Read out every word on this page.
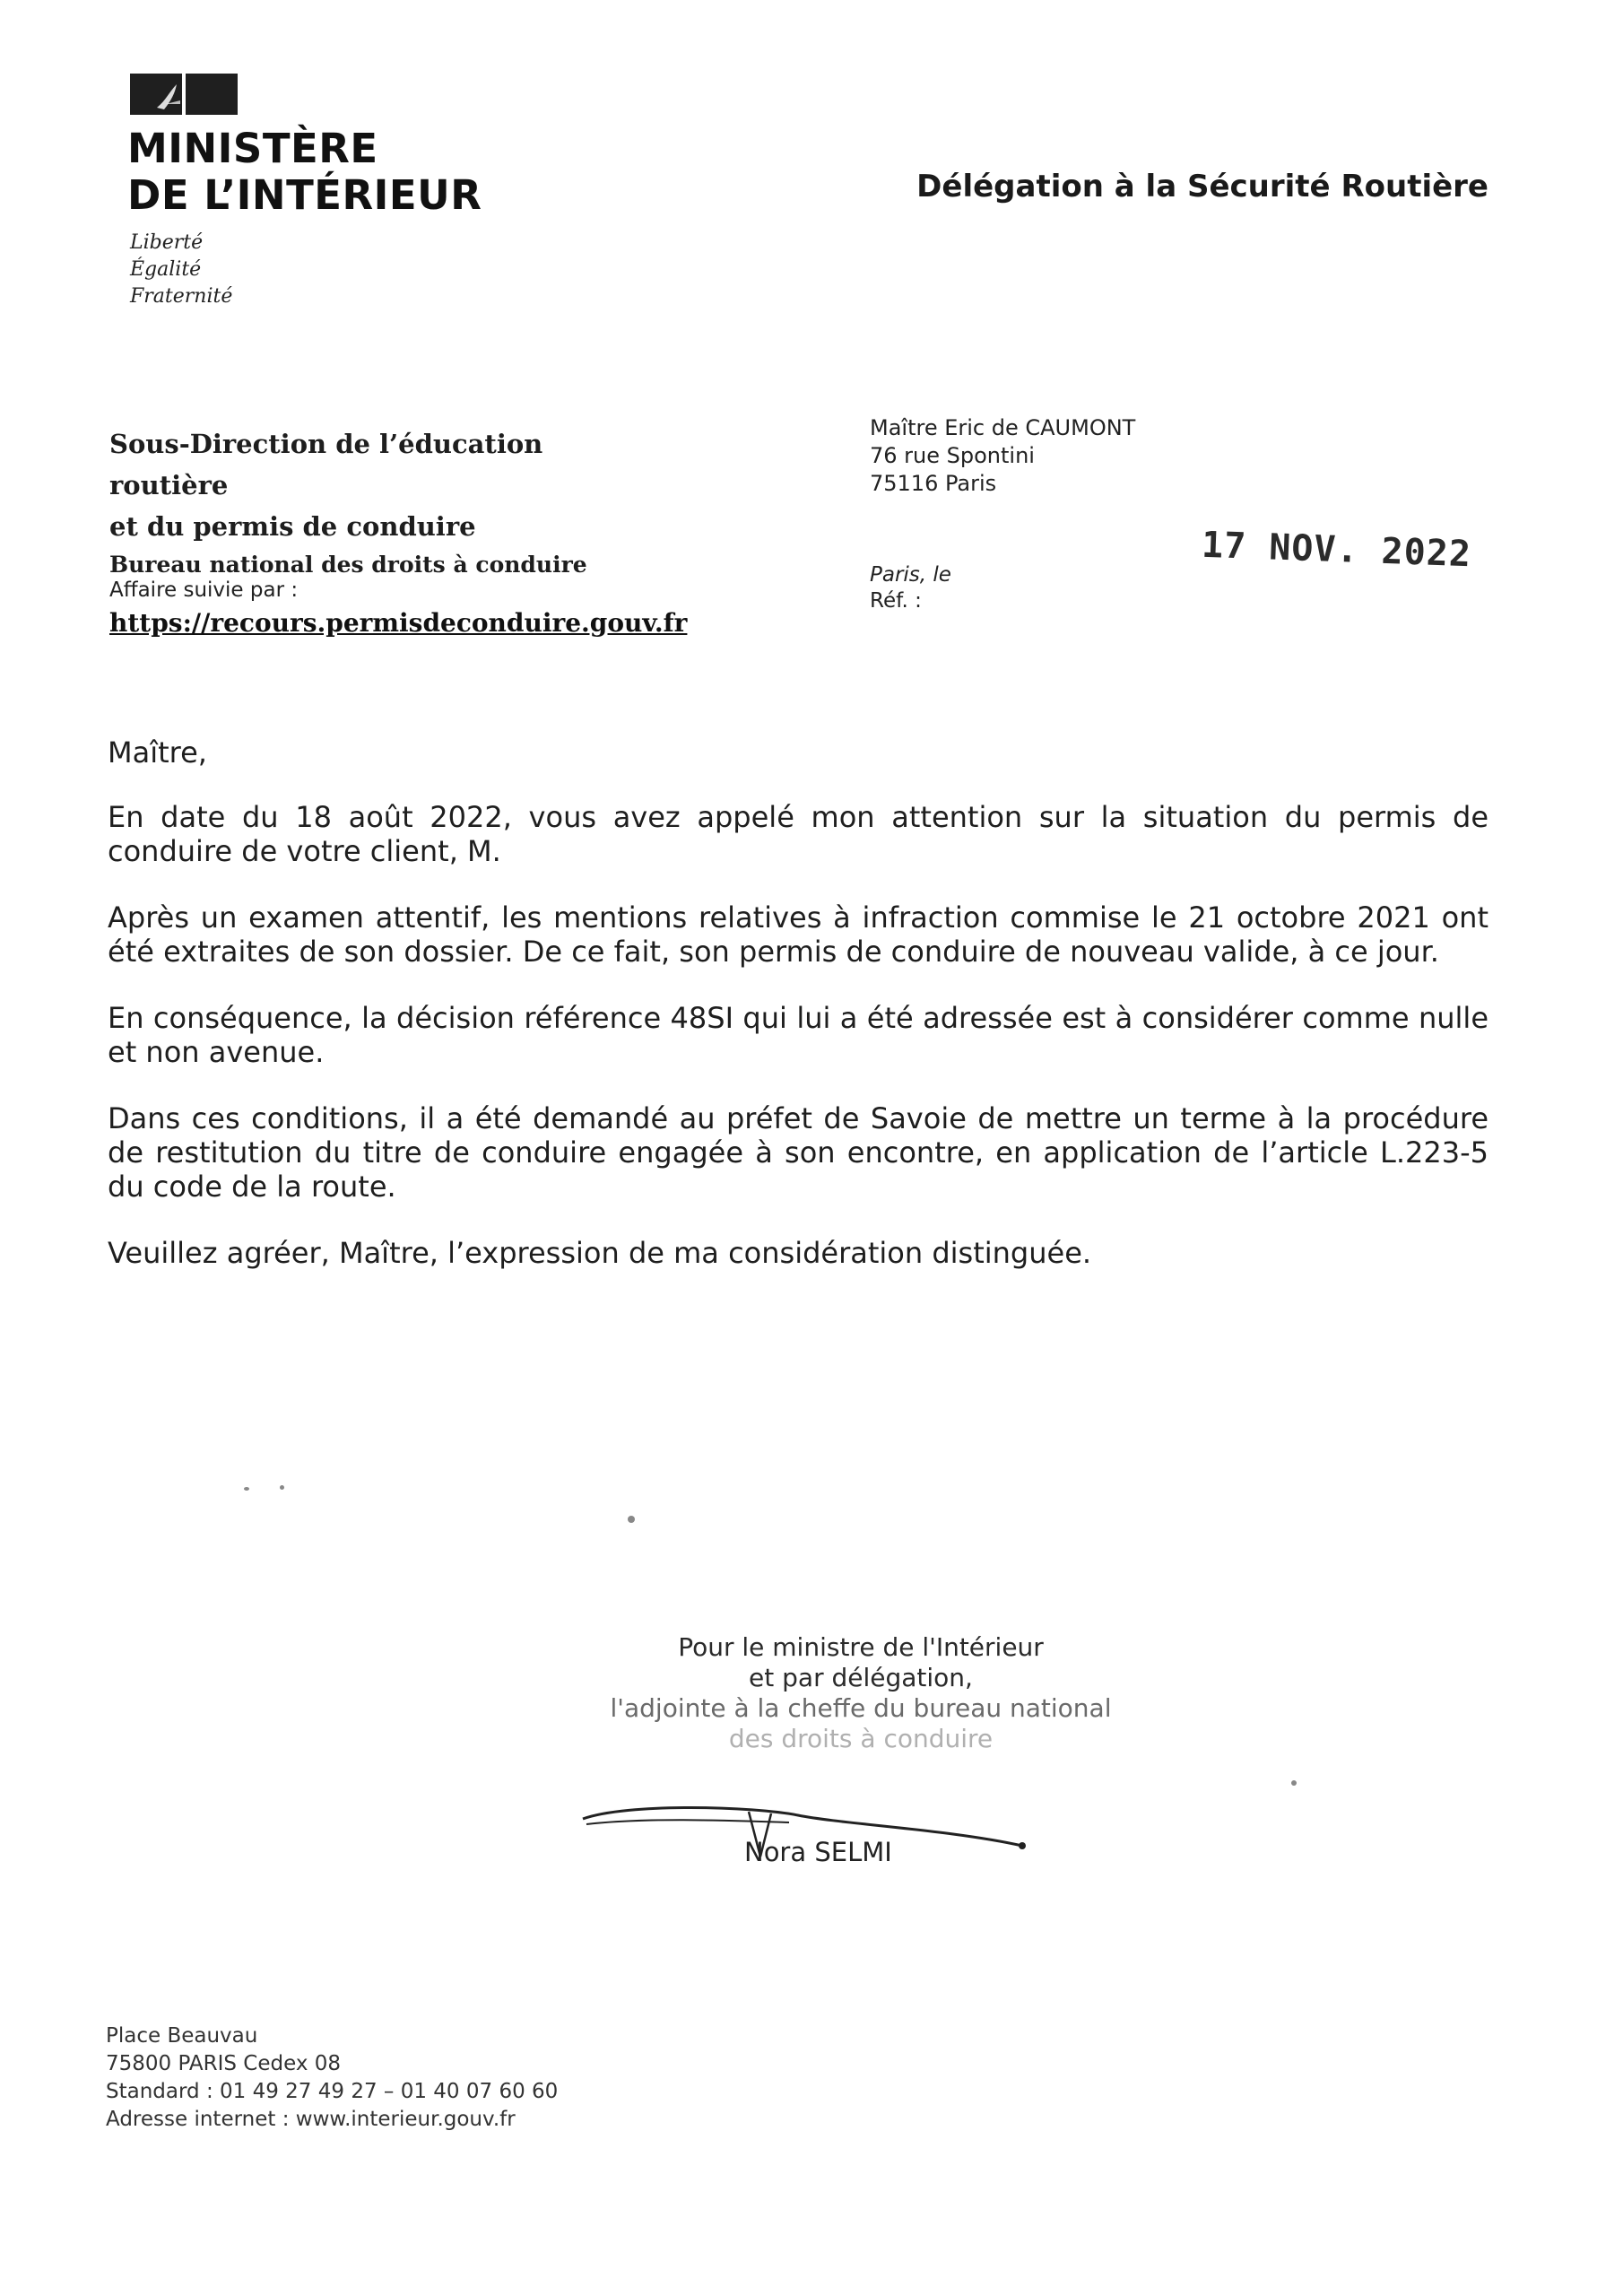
MINISTÈRE
DE L’INTÉRIEUR
Liberté
Égalité
Fraternité
Délégation à la Sécurité Routière
Sous-Direction de l’éducation routière
et du permis de conduire
Bureau national des droits à conduire
Affaire suivie par :
https://recours.permisdeconduire.gouv.fr
Maître Eric de CAUMONT
76 rue Spontini
75116 Paris
Paris, le
Réf. :
17 NOV. 2022

Maître,

En date du 18 août 2022, vous avez appelé mon attention sur la situation du permis de conduire de votre client, M.

Après un examen attentif, les mentions relatives à infraction commise le 21 octobre 2021 ont été extraites de son dossier. De ce fait, son permis de conduire de nouveau valide, à ce jour.

En conséquence, la décision référence 48SI qui lui a été adressée est à considérer comme nulle et non avenue.

Dans ces conditions, il a été demandé au préfet de Savoie de mettre un terme à la procédure de restitution du titre de conduire engagée à son encontre, en application de l’article L.223-5 du code de la route.

Veuillez agréer, Maître, l’expression de ma considération distinguée.

Pour le ministre de l'Intérieur
et par délégation,
l'adjointe à la cheffe du bureau national
des droits à conduire
Nora SELMI
Place Beauvau
75800 PARIS Cedex 08
Standard : 01 49 27 49 27 – 01 40 07 60 60
Adresse internet : www.interieur.gouv.fr
